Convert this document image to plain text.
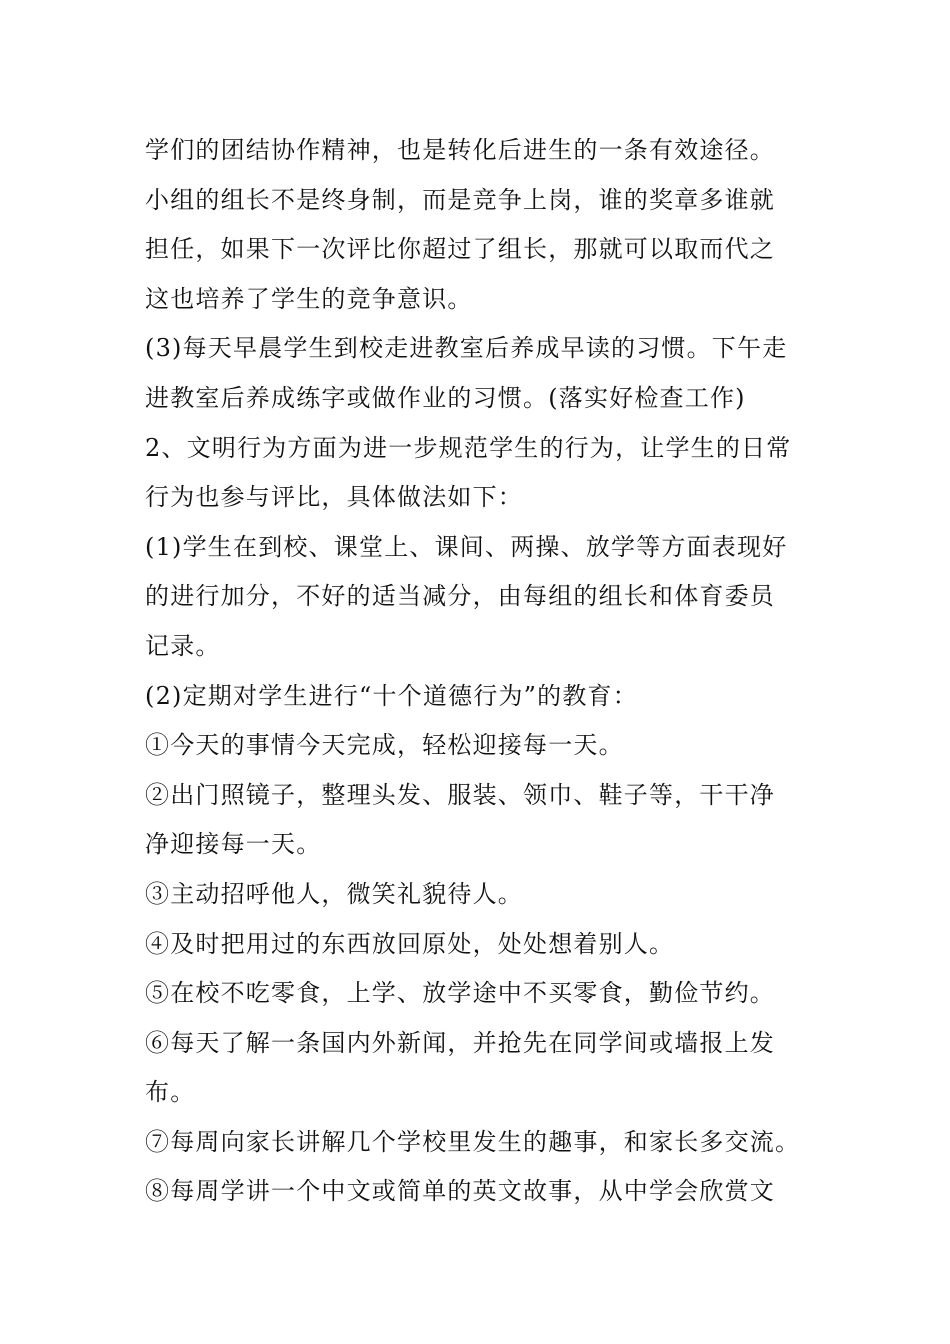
学们的团结协作精神，也是转化后进生的一条有效途径。
小组的组长不是终身制，而是竞争上岗，谁的奖章多谁就
担任，如果下一次评比你超过了组长，那就可以取而代之
这也培养了学生的竞争意识。
(3)每天早晨学生到校走进教室后养成早读的习惯。下午走
进教室后养成练字或做作业的习惯。(落实好检查工作)
2、文明行为方面为进一步规范学生的行为，让学生的日常
行为也参与评比，具体做法如下：
(1)学生在到校、课堂上、课间、两操、放学等方面表现好
的进行加分，不好的适当减分，由每组的组长和体育委员
记录。
(2)定期对学生进行“十个道德行为”的教育：
①今天的事情今天完成，轻松迎接每一天。
②出门照镜子，整理头发、服装、领巾、鞋子等，干干净
净迎接每一天。
③主动招呼他人，微笑礼貌待人。
④及时把用过的东西放回原处，处处想着别人。
⑤在校不吃零食，上学、放学途中不买零食，勤俭节约。
⑥每天了解一条国内外新闻，并抢先在同学间或墙报上发
布。
⑦每周向家长讲解几个学校里发生的趣事，和家长多交流。
⑧每周学讲一个中文或简单的英文故事，从中学会欣赏文
